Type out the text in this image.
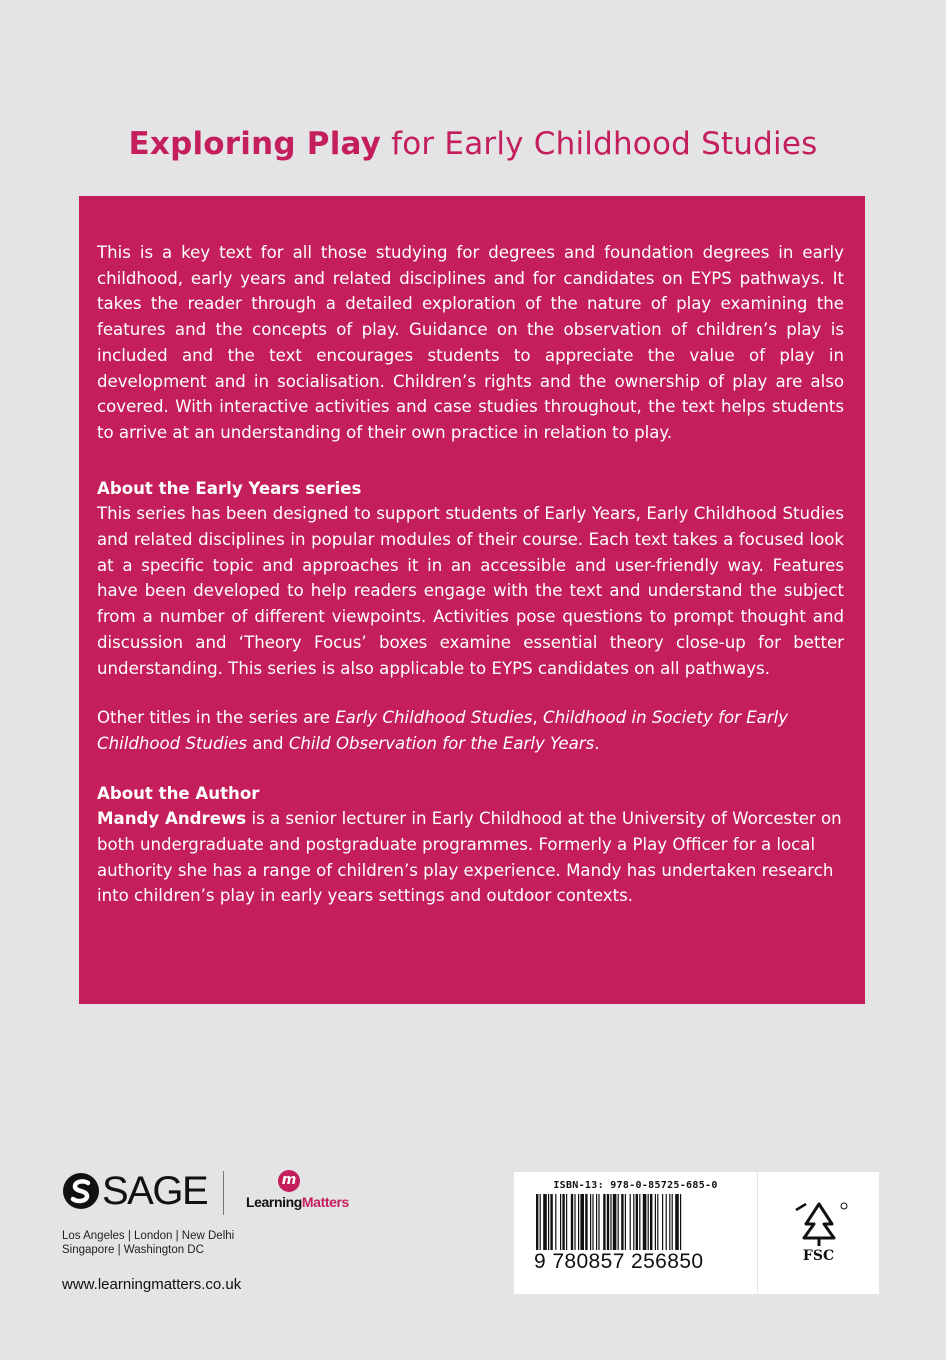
Exploring Play for Early Childhood Studies

This is a key text for all those studying for degrees and foundation degrees in early childhood, early years and related disciplines and for candidates on EYPS pathways. It takes the reader through a detailed exploration of the nature of play examining the features and the concepts of play. Guidance on the observation of children’s play is included and the text encourages students to appreciate the value of play in development and in socialisation. Children’s rights and the ownership of play are also covered. With interactive activities and case studies throughout, the text helps students to arrive at an understanding of their own practice in relation to play.

About the Early Years series

This series has been designed to support students of Early Years, Early Childhood Studies and related disciplines in popular modules of their course. Each text takes a focused look at a specific topic and approaches it in an accessible and user-friendly way. Features have been developed to help readers engage with the text and understand the subject from a number of different viewpoints. Activities pose questions to prompt thought and discussion and ‘Theory Focus’ boxes examine essential theory close-up for better understanding. This series is also applicable to EYPS candidates on all pathways.

Other titles in the series are Early Childhood Studies, Childhood in Society for Early Childhood Studies and Child Observation for the Early Years.

About the Author

Mandy Andrews is a senior lecturer in Early Childhood at the University of Worcester on both undergraduate and postgraduate programmes. Formerly a Play Officer for a local authority she has a range of children’s play experience. Mandy has undertaken research into children’s play in early years settings and outdoor contexts.

SAGE	m
LearningMatters
Los Angeles | London | New Delhi
Singapore | Washington DC
www.learningmatters.co.uk
ISBN-13: 978-0-85725-685-0
9 780857 256850	FSC
